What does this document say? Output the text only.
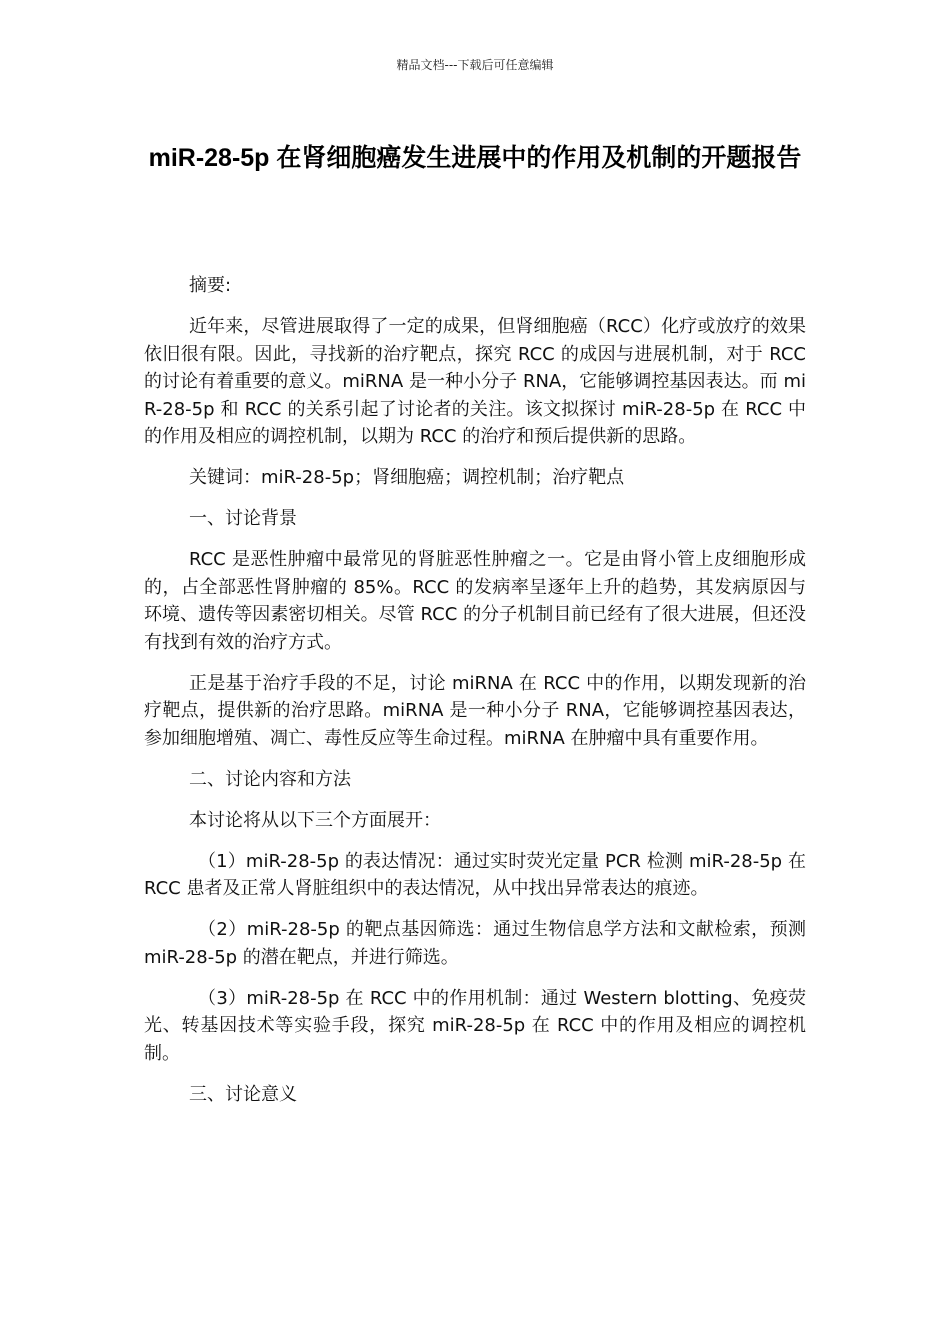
精品文档---下载后可任意编辑
miR-28-5p 在肾细胞癌发生进展中的作用及机制的开题报告

摘要:

近年来，尽管进展取得了一定的成果，但肾细胞癌（RCC）化疗或放疗的效果依旧很有限。因此，寻找新的治疗靶点，探究 RCC 的成因与进展机制，对于 RCC 的讨论有着重要的意义。miRNA 是一种小分子 RNA，它能够调控基因表达。而 miR-28-5p 和 RCC 的关系引起了讨论者的关注。该文拟探讨 miR-28-5p 在 RCC 中的作用及相应的调控机制，以期为 RCC 的治疗和预后提供新的思路。

关键词：miR-28-5p；肾细胞癌；调控机制；治疗靶点

一、讨论背景

RCC 是恶性肿瘤中最常见的肾脏恶性肿瘤之一。它是由肾小管上皮细胞形成的，占全部恶性肾肿瘤的 85%。RCC 的发病率呈逐年上升的趋势，其发病原因与环境、遗传等因素密切相关。尽管 RCC 的分子机制目前已经有了很大进展，但还没有找到有效的治疗方式。

正是基于治疗手段的不足，讨论 miRNA 在 RCC 中的作用，以期发现新的治疗靶点，提供新的治疗思路。miRNA 是一种小分子 RNA，它能够调控基因表达，参加细胞增殖、凋亡、毒性反应等生命过程。miRNA 在肿瘤中具有重要作用。

二、讨论内容和方法

本讨论将从以下三个方面展开：

（1）miR-28-5p 的表达情况：通过实时荧光定量 PCR 检测 miR-28-5p 在 RCC 患者及正常人肾脏组织中的表达情况，从中找出异常表达的痕迹。

（2）miR-28-5p 的靶点基因筛选：通过生物信息学方法和文献检索，预测 miR-28-5p 的潜在靶点，并进行筛选。

（3）miR-28-5p 在 RCC 中的作用机制：通过 Western blotting、免疫荧光、转基因技术等实验手段，探究 miR-28-5p 在 RCC 中的作用及相应的调控机制。

三、讨论意义
